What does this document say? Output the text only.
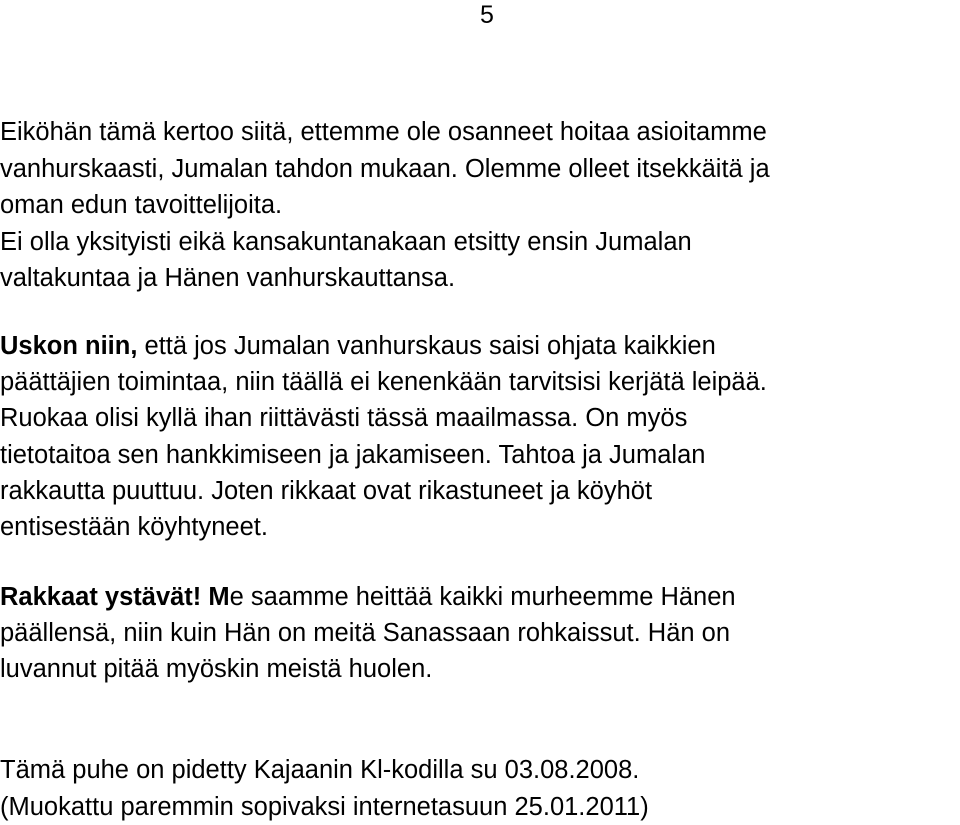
5
Eiköhän tämä kertoo siitä, ettemme ole osanneet hoitaa asioitamme
vanhurskaasti, Jumalan tahdon mukaan. Olemme olleet itsekkäitä ja
oman edun tavoittelijoita.
Ei olla yksityisti eikä kansakuntanakaan etsitty ensin Jumalan
valtakuntaa ja Hänen vanhurskauttansa.
Uskon niin, että jos Jumalan vanhurskaus saisi ohjata kaikkien
päättäjien toimintaa, niin täällä ei kenenkään tarvitsisi kerjätä leipää.
Ruokaa olisi kyllä ihan riittävästi tässä maailmassa. On myös
tietotaitoa sen hankkimiseen ja jakamiseen. Tahtoa ja Jumalan
rakkautta puuttuu. Joten rikkaat ovat rikastuneet ja köyhöt
entisestään köyhtyneet.
Rakkaat ystävät! Me saamme heittää kaikki murheemme Hänen
päällensä, niin kuin Hän on meitä Sanassaan rohkaissut. Hän on
luvannut pitää myöskin meistä huolen.
Tämä puhe on pidetty Kajaanin Kl-kodilla su 03.08.2008.
(Muokattu paremmin sopivaksi internetasuun 25.01.2011)
